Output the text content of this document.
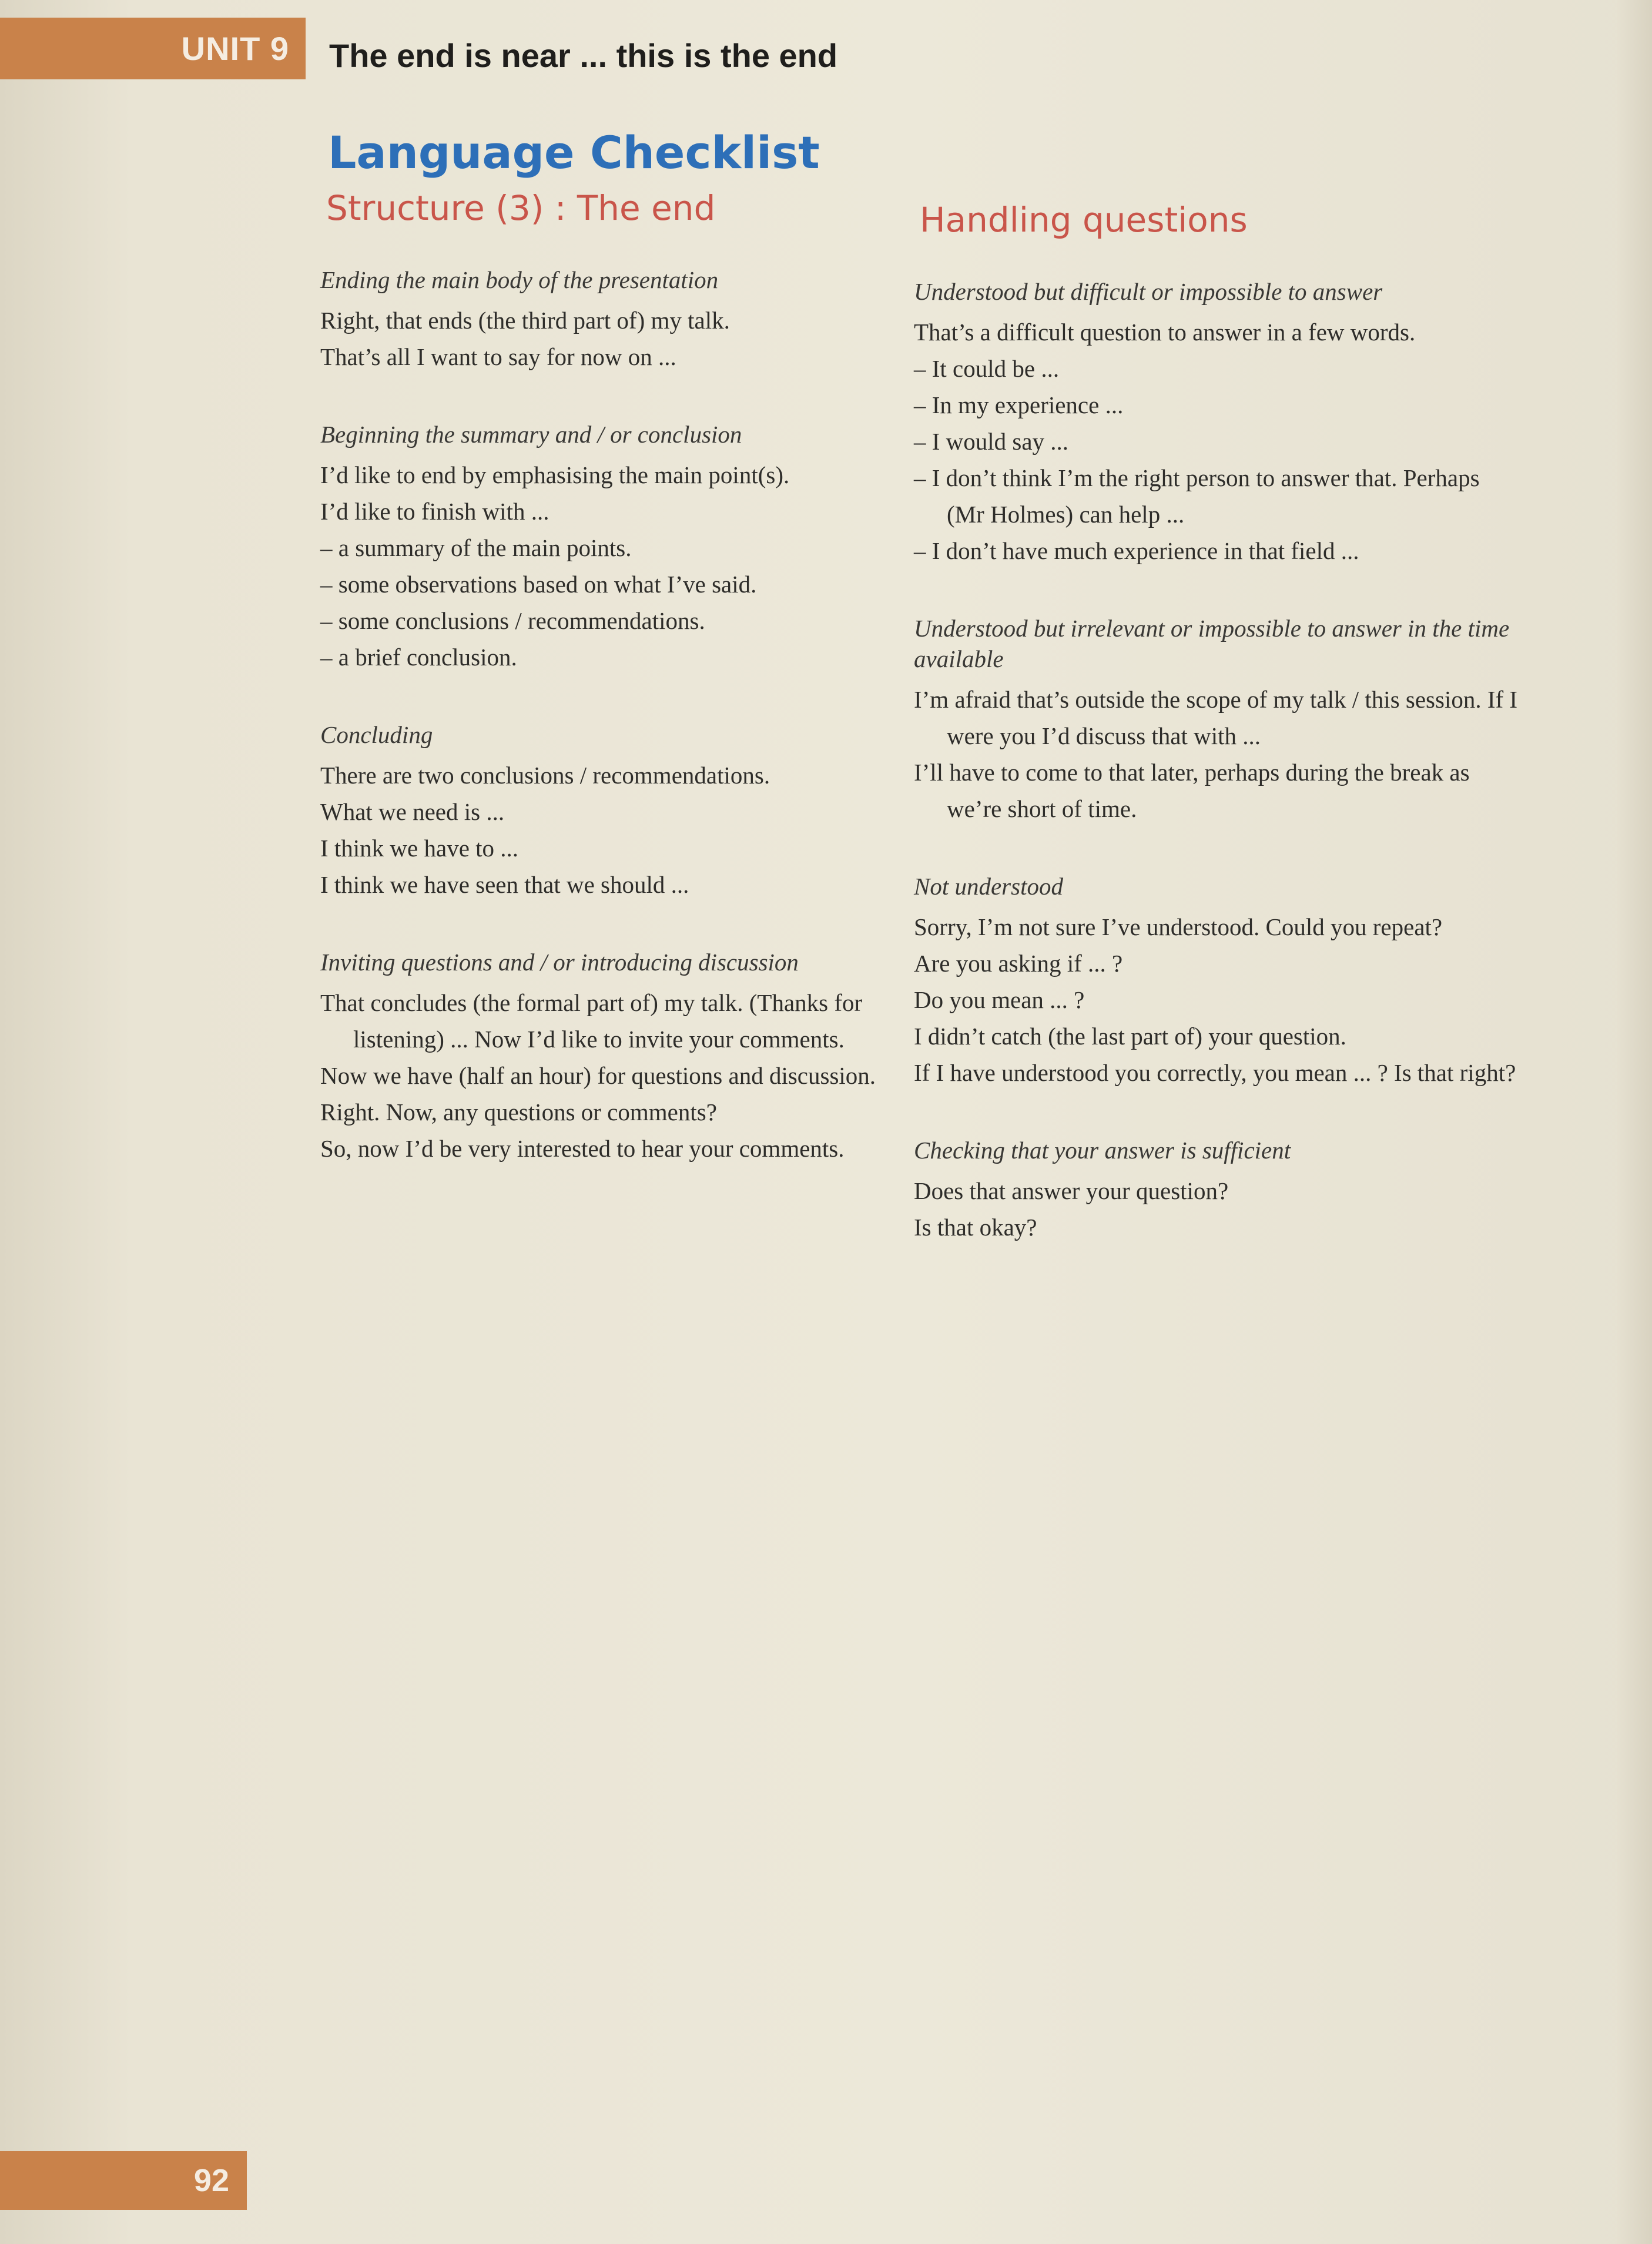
UNIT 9 The end is near ... this is the end
Language Checklist
Structure (3) : The end
Ending the main body of the presentation
Right, that ends (the third part of) my talk.
That’s all I want to say for now on ...
Beginning the summary and / or conclusion
I’d like to end by emphasising the main point(s).
I’d like to finish with ...
– a summary of the main points.
– some observations based on what I’ve said.
– some conclusions / recommendations.
– a brief conclusion.
Concluding
There are two conclusions / recommendations.
What we need is ...
I think we have to ...
I think we have seen that we should ...
Inviting questions and / or introducing discussion
That concludes (the formal part of) my talk. (Thanks for listening) ... Now I’d like to invite your comments.
Now we have (half an hour) for questions and discussion.
Right. Now, any questions or comments?
So, now I’d be very interested to hear your comments.
Handling questions
Understood but difficult or impossible to answer
That’s a difficult question to answer in a few words.
– It could be ...
– In my experience ...
– I would say ...
– I don’t think I’m the right person to answer that. Perhaps (Mr Holmes) can help ...
– I don’t have much experience in that field ...
Understood but irrelevant or impossible to answer in the time available
I’m afraid that’s outside the scope of my talk / this session. If I were you I’d discuss that with ...
I’ll have to come to that later, perhaps during the break as we’re short of time.
Not understood
Sorry, I’m not sure I’ve understood. Could you repeat?
Are you asking if ... ?
Do you mean ... ?
I didn’t catch (the last part of) your question.
If I have understood you correctly, you mean ... ? Is that right?
Checking that your answer is sufficient
Does that answer your question?
Is that okay?
92
